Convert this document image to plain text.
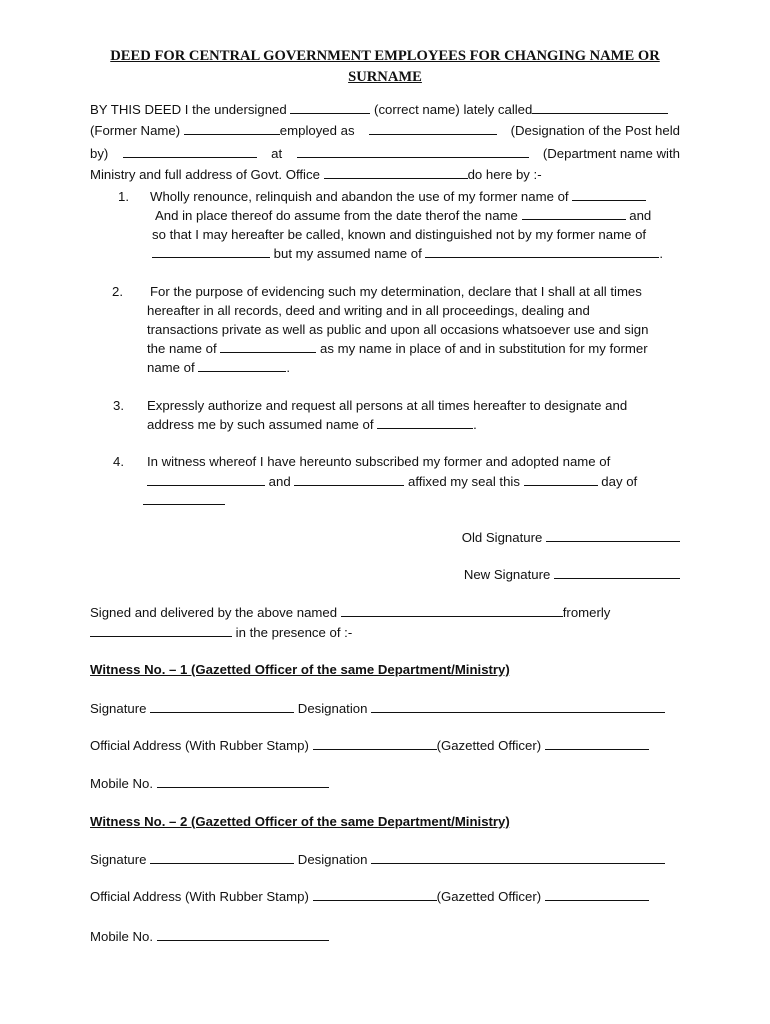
DEED FOR CENTRAL GOVERNMENT EMPLOYEES FOR CHANGING NAME OR
SURNAME
BY THIS DEED I the undersigned	(correct name) lately called
(Former Name)	employed as	(Designation of the Post held
by)	at	(Department name with
Ministry and full address of Govt. Office	do here by :-
1.	Wholly renounce, relinquish and abandon the use of my former name of
And in place thereof do assume from the date therof the name	and
so that I may hereafter be called, known and distinguished not by my former name of
but my assumed name of	.
2.	For the purpose of evidencing such my determination, declare that I shall at all times
hereafter in all records, deed and writing and in all proceedings, dealing and
transactions private as well as public and upon all occasions whatsoever use and sign
the name of	as my name in place of and in substitution for my former
name of	.
3.	Expressly authorize and request all persons at all times hereafter to designate and
address me by such assumed name of	.
4.	In witness whereof I have hereunto subscribed my former and adopted name of
and	affixed my seal this	day of
Old Signature
New Signature
Signed and delivered by the above named	fromerly
in the presence of :-
Witness No. – 1 (Gazetted Officer of the same Department/Ministry)
Signature	Designation
Official Address (With Rubber Stamp)	(Gazetted Officer)
Mobile No.
Witness No. – 2 (Gazetted Officer of the same Department/Ministry)
Signature	Designation
Official Address (With Rubber Stamp)	(Gazetted Officer)
Mobile No.
